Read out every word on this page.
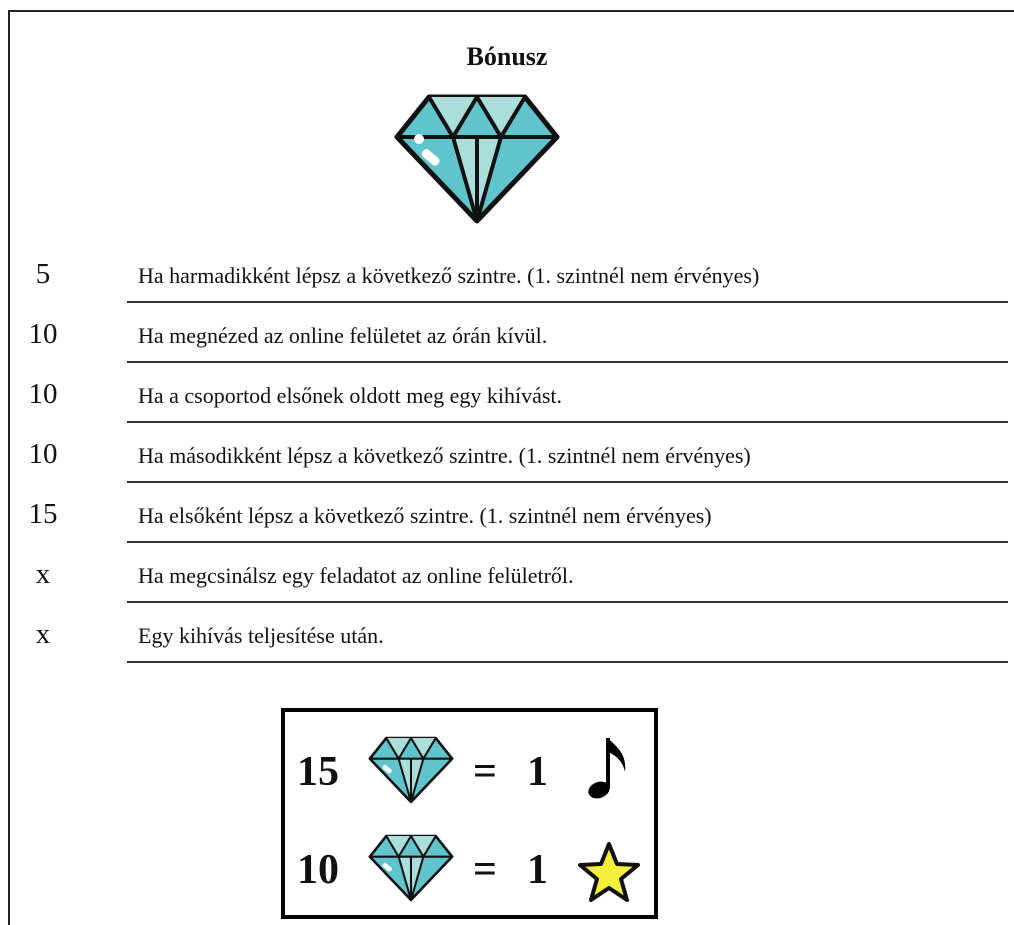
Bónusz
5	Ha harmadikként lépsz a következő szintre. (1. szintnél nem érvényes)
10	Ha megnézed az online felületet az órán kívül.
10	Ha a csoportod elsőnek oldott meg egy kihívást.
10	Ha másodikként lépsz a következő szintre. (1. szintnél nem érvényes)
15	Ha elsőként lépsz a következő szintre. (1. szintnél nem érvényes)
x	Ha megcsinálsz egy feladatot az online felületről.
x	Egy kihívás teljesítése után.
15	= 1
10	= 1
